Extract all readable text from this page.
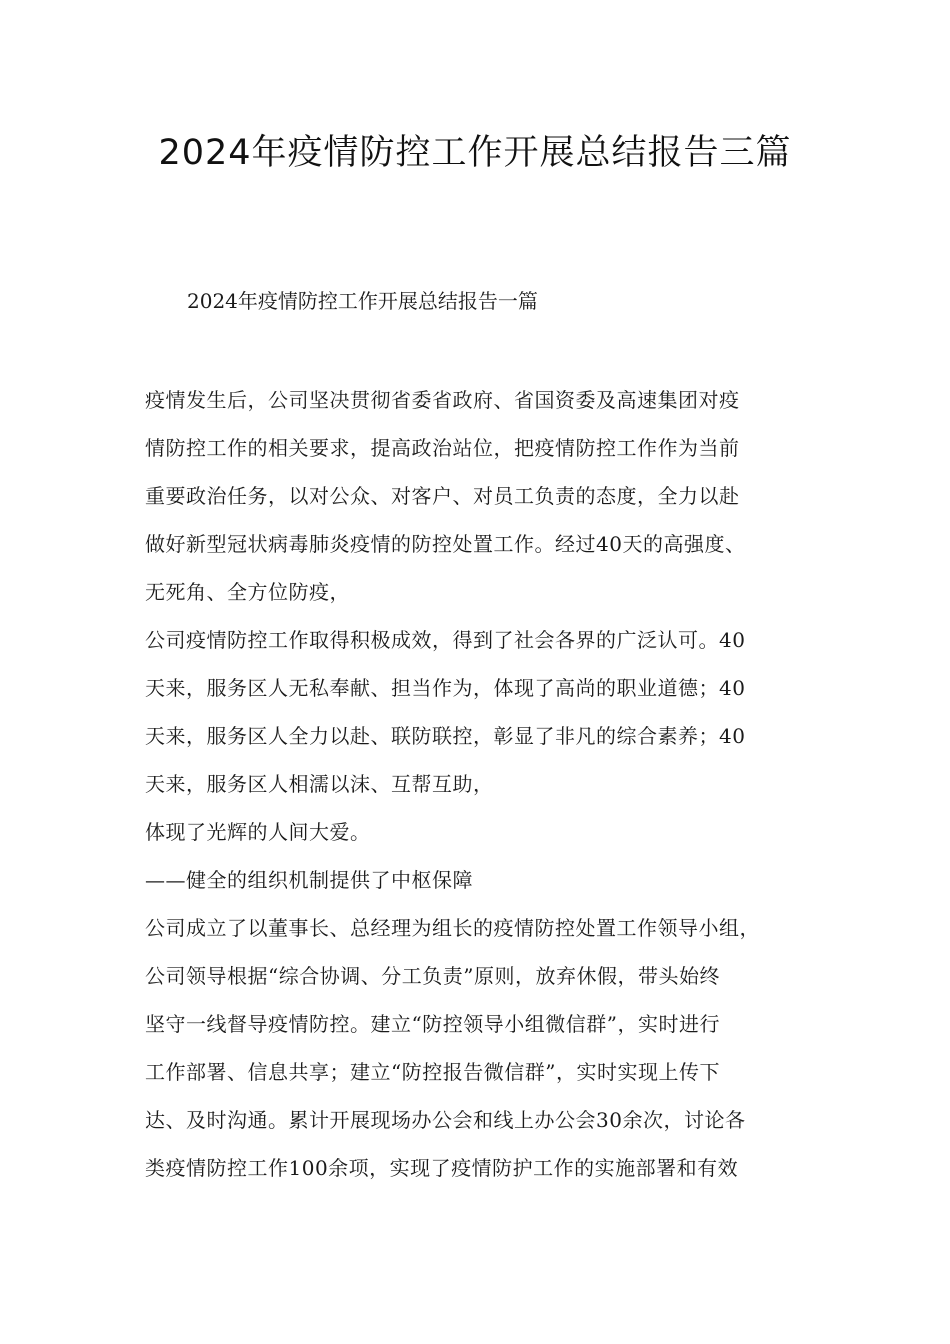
2024年疫情防控工作开展总结报告三篇

2024年疫情防控工作开展总结报告一篇

疫情发生后，公司坚决贯彻省委省政府、省国资委及高速集团对疫
情防控工作的相关要求，提高政治站位，把疫情防控工作作为当前
重要政治任务，以对公众、对客户、对员工负责的态度，全力以赴
做好新型冠状病毒肺炎疫情的防控处置工作。经过40天的高强度、
无死角、全方位防疫，
公司疫情防控工作取得积极成效，得到了社会各界的广泛认可。40
天来，服务区人无私奉献、担当作为，体现了高尚的职业道德；40
天来，服务区人全力以赴、联防联控，彰显了非凡的综合素养；40
天来，服务区人相濡以沫、互帮互助，
体现了光辉的人间大爱。
——健全的组织机制提供了中枢保障
公司成立了以董事长、总经理为组长的疫情防控处置工作领导小组，
公司领导根据“综合协调、分工负责”原则，放弃休假，带头始终
坚守一线督导疫情防控。建立“防控领导小组微信群”，实时进行
工作部署、信息共享；建立“防控报告微信群”，实时实现上传下
达、及时沟通。累计开展现场办公会和线上办公会30余次，讨论各
类疫情防控工作100余项，实现了疫情防护工作的实施部署和有效
